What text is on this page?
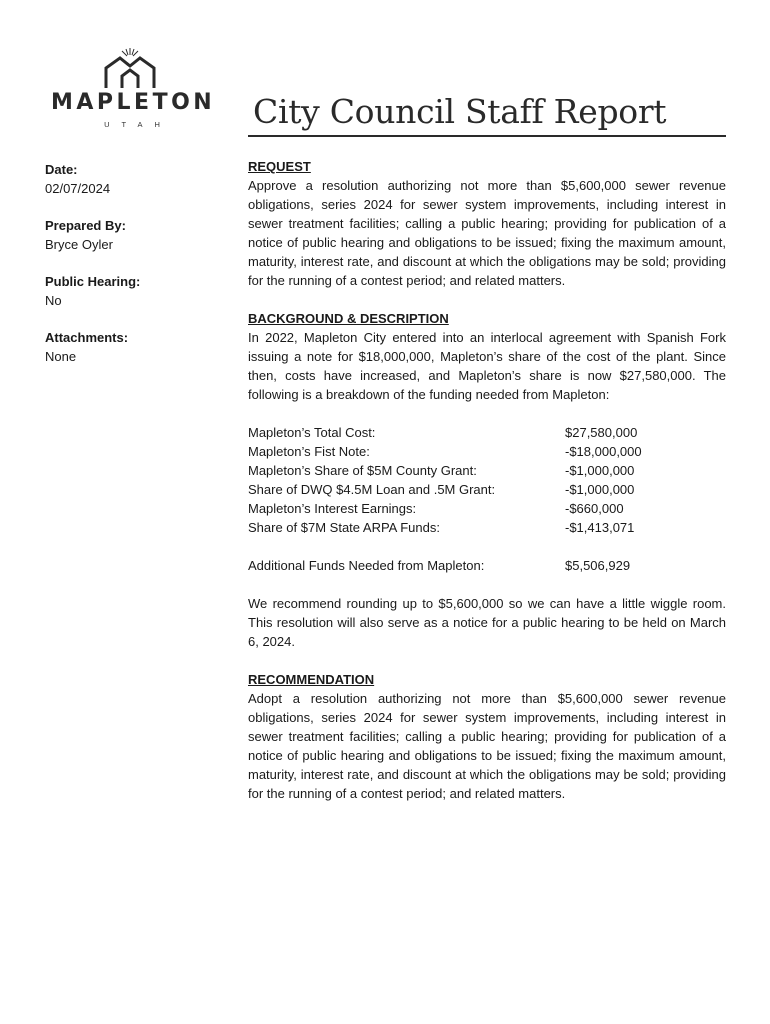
MAPLETON
UTAH	City Council Staff Report
Date:
02/07/2024
Prepared By:
Bryce Oyler
Public Hearing:
No
Attachments:
None
REQUEST
Approve a resolution authorizing not more than $5,600,000 sewer revenue obligations, series 2024 for sewer system improvements, including interest in sewer treatment facilities; calling a public hearing; providing for publication of a notice of public hearing and obligations to be issued; fixing the maximum amount, maturity, interest rate, and discount at which the obligations may be sold; providing for the running of a contest period; and related matters.
BACKGROUND & DESCRIPTION
In 2022, Mapleton City entered into an interlocal agreement with Spanish Fork issuing a note for $18,000,000, Mapleton’s share of the cost of the plant. Since then, costs have increased, and Mapleton’s share is now $27,580,000. The following is a breakdown of the funding needed from Mapleton:
Mapleton’s Total Cost:	$27,580,000
Mapleton’s Fist Note:	-$18,000,000
Mapleton’s Share of $5M County Grant:	-$1,000,000
Share of DWQ $4.5M Loan and .5M Grant:	-$1,000,000
Mapleton’s Interest Earnings:	-$660,000
Share of $7M State ARPA Funds:	-$1,413,071
Additional Funds Needed from Mapleton:	$5,506,929
We recommend rounding up to $5,600,000 so we can have a little wiggle room. This resolution will also serve as a notice for a public hearing to be held on March 6, 2024.
RECOMMENDATION
Adopt a resolution authorizing not more than $5,600,000 sewer revenue obligations, series 2024 for sewer system improvements, including interest in sewer treatment facilities; calling a public hearing; providing for publication of a notice of public hearing and obligations to be issued; fixing the maximum amount, maturity, interest rate, and discount at which the obligations may be sold; providing for the running of a contest period; and related matters.
